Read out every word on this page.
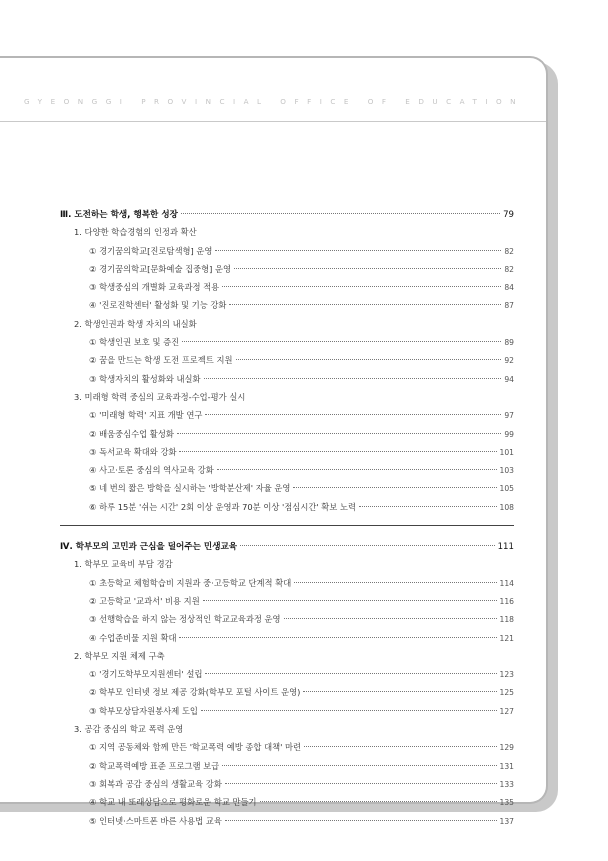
GYEONGGI PROVINCIAL OFFICE OF EDUCATION
Ⅲ. 도전하는 학생, 행복한 성장	79
1. 다양한 학습경험의 인정과 확산
① 경기꿈의학교[진로탐색형] 운영	82
② 경기꿈의학교[문화예술 집중형] 운영	82
③ 학생중심의 개별화 교육과정 적용	84
④ '진로진학센터' 활성화 및 기능 강화	87
2. 학생인권과 학생 자치의 내실화
① 학생인권 보호 및 증진	89
② 꿈을 만드는 학생 도전 프로젝트 지원	92
③ 학생자치의 활성화와 내실화	94
3. 미래형 학력 중심의 교육과정-수업-평가 실시
① '미래형 학력' 지표 개발 연구	97
② 배움중심수업 활성화	99
③ 독서교육 확대와 강화	101
④ 사고·토론 중심의 역사교육 강화	103
⑤ 네 번의 짧은 방학을 실시하는 '방학분산제' 자율 운영	105
⑥ 하루 15분 '쉬는 시간' 2회 이상 운영과 70분 이상 '점심시간' 확보 노력	108
Ⅳ. 학부모의 고민과 근심을 덜어주는 민생교육	111
1. 학부모 교육비 부담 경감
① 초등학교 체험학습비 지원과 중·고등학교 단계적 확대	114
② 고등학교 '교과서' 비용 지원	116
③ 선행학습을 하지 않는 정상적인 학교교육과정 운영	118
④ 수업준비물 지원 확대	121
2. 학부모 지원 체제 구축
① '경기도학부모지원센터' 설립	123
② 학부모 인터넷 정보 제공 강화(학부모 포털 사이트 운영)	125
③ 학부모상담자원봉사제 도입	127
3. 공감 중심의 학교 폭력 운영
① 지역 공동체와 함께 만든 '학교폭력 예방 종합 대책' 마련	129
② 학교폭력예방 표준 프로그램 보급	131
③ 회복과 공감 중심의 생활교육 강화	133
④ 학교 내 또래상담으로 평화로운 학교 만들기	135
⑤ 인터넷·스마트폰 바른 사용법 교육	137
